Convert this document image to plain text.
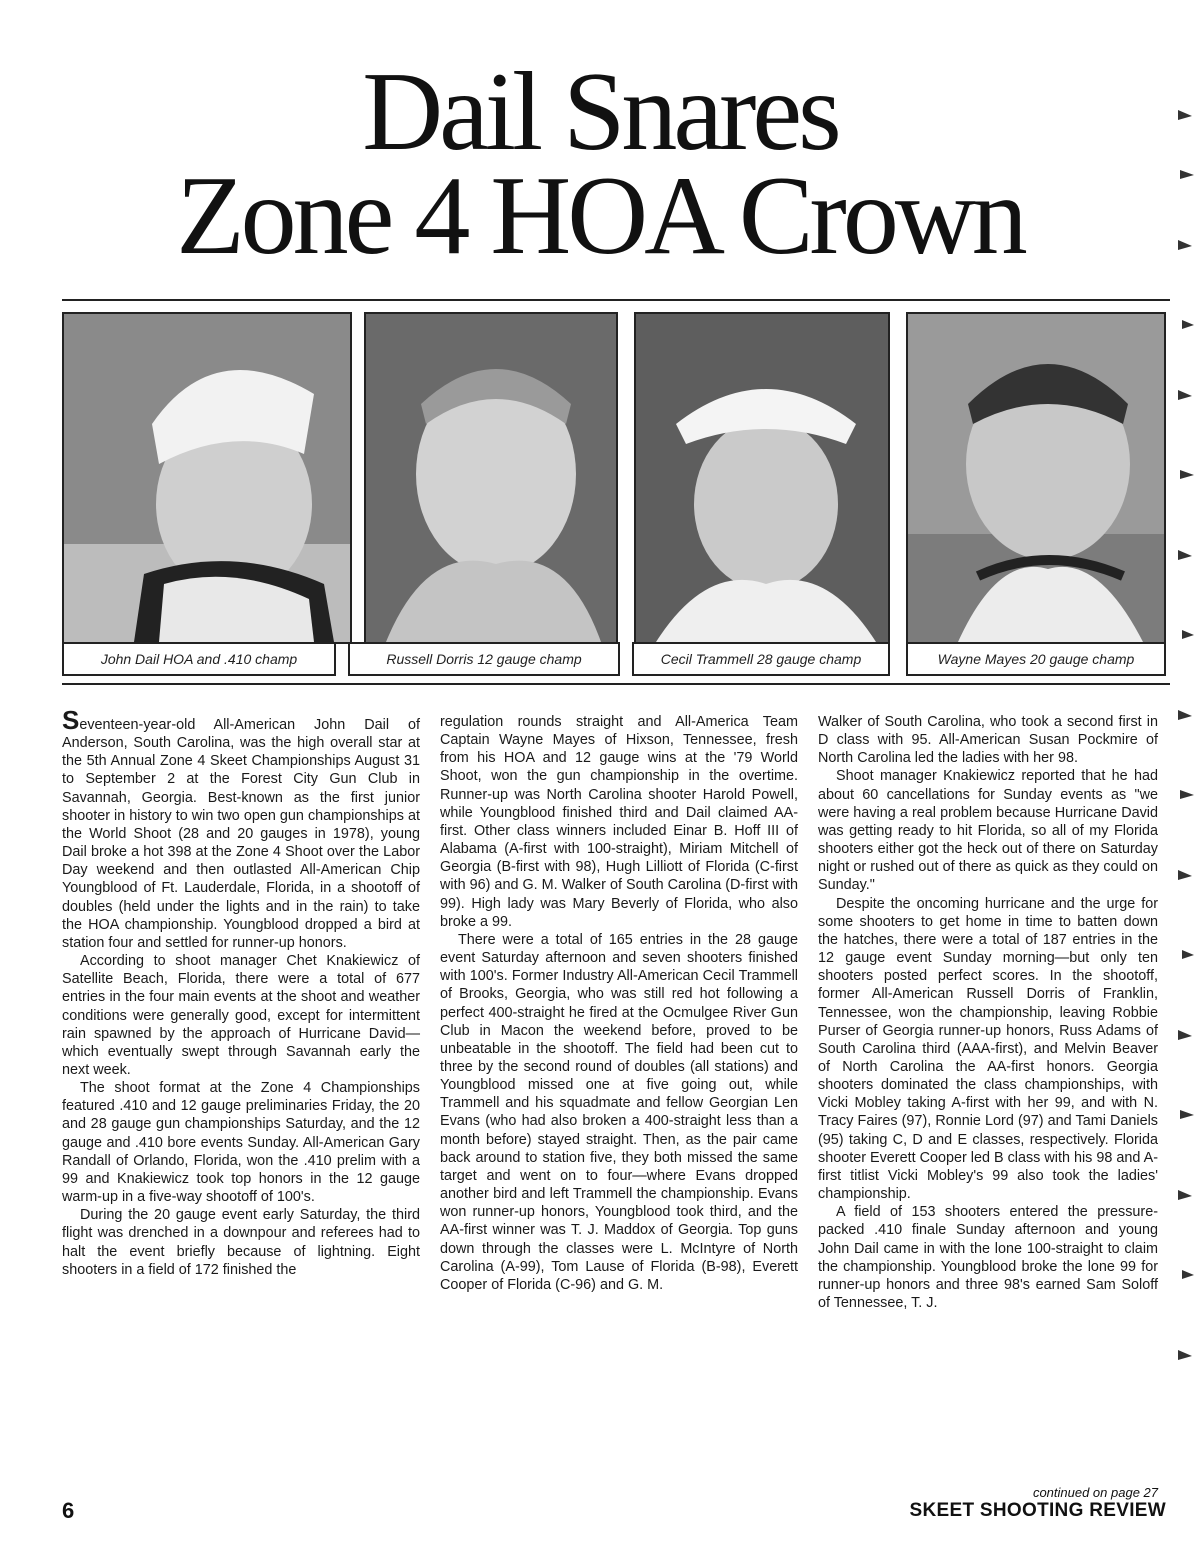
Dail Snares
Zone 4 HOA Crown
John Dail HOA and .410 champ	Russell Dorris 12 gauge champ	Cecil Trammell 28 gauge champ	Wayne Mayes 20 gauge champ

Seventeen-year-old All-American John Dail of Anderson, South Carolina, was the high overall star at the 5th Annual Zone 4 Skeet Championships August 31 to September 2 at the Forest City Gun Club in Savannah, Georgia. Best-known as the first junior shooter in history to win two open gun championships at the World Shoot (28 and 20 gauges in 1978), young Dail broke a hot 398 at the Zone 4 Shoot over the Labor Day weekend and then outlasted All-American Chip Youngblood of Ft. Lauderdale, Florida, in a shootoff of doubles (held under the lights and in the rain) to take the HOA championship. Youngblood dropped a bird at station four and settled for runner-up honors.

According to shoot manager Chet Knakiewicz of Satellite Beach, Florida, there were a total of 677 entries in the four main events at the shoot and weather conditions were generally good, except for intermittent rain spawned by the approach of Hurricane David—which eventually swept through Savannah early the next week.

The shoot format at the Zone 4 Championships featured .410 and 12 gauge preliminaries Friday, the 20 and 28 gauge gun championships Saturday, and the 12 gauge and .410 bore events Sunday. All-American Gary Randall of Orlando, Florida, won the .410 prelim with a 99 and Knakiewicz took top honors in the 12 gauge warm-up in a five-way shootoff of 100's.

During the 20 gauge event early Saturday, the third flight was drenched in a downpour and referees had to halt the event briefly because of lightning. Eight shooters in a field of 172 finished the

regulation rounds straight and All-America Team Captain Wayne Mayes of Hixson, Tennessee, fresh from his HOA and 12 gauge wins at the '79 World Shoot, won the gun championship in the overtime. Runner-up was North Carolina shooter Harold Powell, while Youngblood finished third and Dail claimed AA-first. Other class winners included Einar B. Hoff III of Alabama (A-first with 100-straight), Miriam Mitchell of Georgia (B-first with 98), Hugh Lilliott of Florida (C-first with 96) and G. M. Walker of South Carolina (D-first with 99). High lady was Mary Beverly of Florida, who also broke a 99.

There were a total of 165 entries in the 28 gauge event Saturday afternoon and seven shooters finished with 100's. Former Industry All-American Cecil Trammell of Brooks, Georgia, who was still red hot following a perfect 400-straight he fired at the Ocmulgee River Gun Club in Macon the weekend before, proved to be unbeatable in the shootoff. The field had been cut to three by the second round of doubles (all stations) and Youngblood missed one at five going out, while Trammell and his squadmate and fellow Georgian Len Evans (who had also broken a 400-straight less than a month before) stayed straight. Then, as the pair came back around to station five, they both missed the same target and went on to four—where Evans dropped another bird and left Trammell the championship. Evans won runner-up honors, Youngblood took third, and the AA-first winner was T. J. Maddox of Georgia. Top guns down through the classes were L. McIntyre of North Carolina (A-99), Tom Lause of Florida (B-98), Everett Cooper of Florida (C-96) and G. M.

Walker of South Carolina, who took a second first in D class with 95. All-American Susan Pockmire of North Carolina led the ladies with her 98.

Shoot manager Knakiewicz reported that he had about 60 cancellations for Sunday events as "we were having a real problem because Hurricane David was getting ready to hit Florida, so all of my Florida shooters either got the heck out of there on Saturday night or rushed out of there as quick as they could on Sunday."

Despite the oncoming hurricane and the urge for some shooters to get home in time to batten down the hatches, there were a total of 187 entries in the 12 gauge event Sunday morning—but only ten shooters posted perfect scores. In the shootoff, former All-American Russell Dorris of Franklin, Tennessee, won the championship, leaving Robbie Purser of Georgia runner-up honors, Russ Adams of South Carolina third (AAA-first), and Melvin Beaver of North Carolina the AA-first honors. Georgia shooters dominated the class championships, with Vicki Mobley taking A-first with her 99, and with N. Tracy Faires (97), Ronnie Lord (97) and Tami Daniels (95) taking C, D and E classes, respectively. Florida shooter Everett Cooper led B class with his 98 and A-first titlist Vicki Mobley's 99 also took the ladies' championship.

A field of 153 shooters entered the pressure-packed .410 finale Sunday afternoon and young John Dail came in with the lone 100-straight to claim the championship. Youngblood broke the lone 99 for runner-up honors and three 98's earned Sam Soloff of Tennessee, T. J.

continued on page 27
6	SKEET SHOOTING REVIEW
